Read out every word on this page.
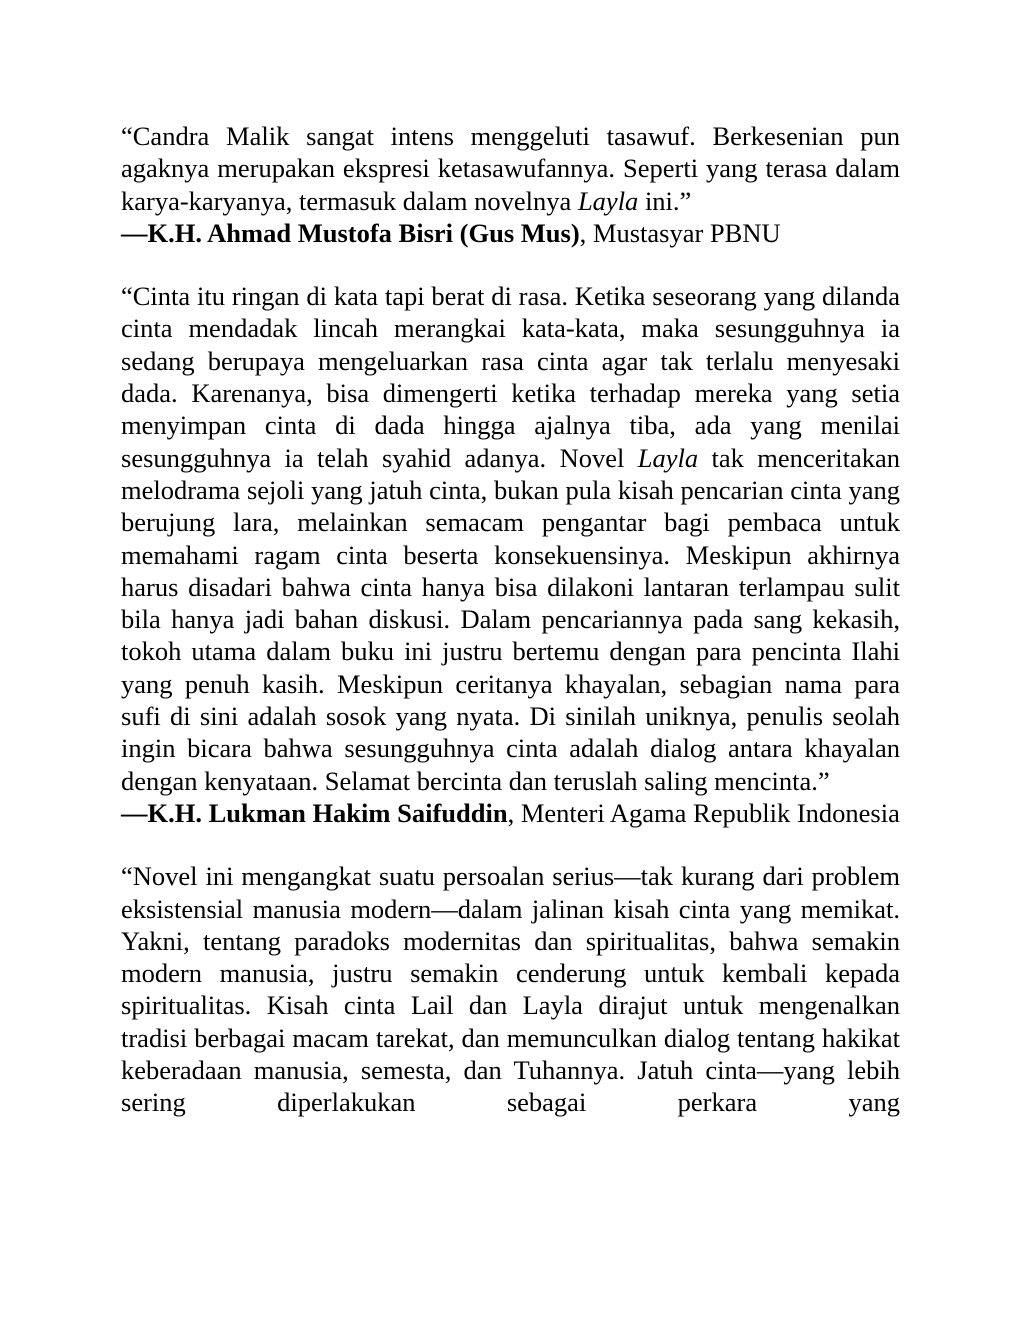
“Candra Malik sangat intens menggeluti tasawuf. Berkesenian pun agaknya merupakan ekspresi ketasawufannya. Seperti yang terasa dalam karya-karyanya, termasuk dalam novelnya Layla ini.”

—K.H. Ahmad Mustofa Bisri (Gus Mus), Mustasyar PBNU

“Cinta itu ringan di kata tapi berat di rasa. Ketika seseorang yang dilanda cinta mendadak lincah merangkai kata-kata, maka sesungguhnya ia sedang berupaya mengeluarkan rasa cinta agar tak terlalu menyesaki dada. Karenanya, bisa dimengerti ketika terhadap mereka yang setia menyimpan cinta di dada hingga ajalnya tiba, ada yang menilai sesungguhnya ia telah syahid adanya. Novel Layla tak menceritakan melodrama sejoli yang jatuh cinta, bukan pula kisah pencarian cinta yang berujung lara, melainkan semacam pengantar bagi pembaca untuk memahami ragam cinta beserta konsekuensinya. Meskipun akhirnya harus disadari bahwa cinta hanya bisa dilakoni lantaran terlampau sulit bila hanya jadi bahan diskusi. Dalam pencariannya pada sang kekasih, tokoh utama dalam buku ini justru bertemu dengan para pencinta Ilahi yang penuh kasih. Meskipun ceritanya khayalan, sebagian nama para sufi di sini adalah sosok yang nyata. Di sinilah uniknya, penulis seolah ingin bicara bahwa sesungguhnya cinta adalah dialog antara khayalan dengan kenyataan. Selamat bercinta dan teruslah saling mencinta.”

—K.H. Lukman Hakim Saifuddin, Menteri Agama Republik Indonesia

“Novel ini mengangkat suatu persoalan serius—tak kurang dari problem eksistensial manusia modern—dalam jalinan kisah cinta yang memikat. Yakni, tentang paradoks modernitas dan spiritualitas, bahwa semakin modern manusia, justru semakin cenderung untuk kembali kepada spiritualitas. Kisah cinta Lail dan Layla dirajut untuk mengenalkan tradisi berbagai macam tarekat, dan memunculkan dialog tentang hakikat keberadaan manusia, semesta, dan Tuhannya. Jatuh cinta—yang lebih sering diperlakukan sebagai perkara yang
